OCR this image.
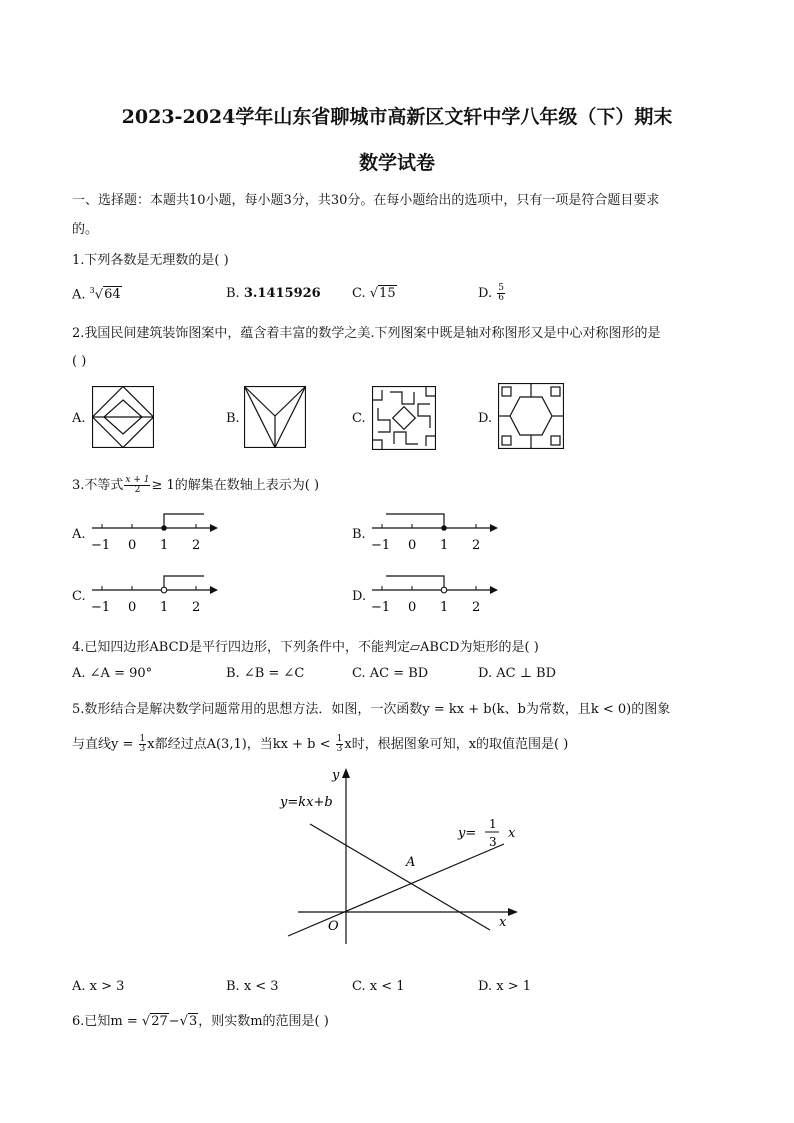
2023-2024学年山东省聊城市高新区文轩中学八年级（下）期末
数学试卷
一、选择题：本题共10小题，每小题3分，共30分。在每小题给出的选项中，只有一项是符合题目要求
的。
1.下列各数是无理数的是( )
A. $^3$√64	B. 3.1415926 C. √15	D. $\frac{5}{6}$
2.我国民间建筑装饰图案中，蕴含着丰富的数学之美.下列图案中既是轴对称图形又是中心对称图形的是
( )
A.	B.	C.	D.
3.不等式 $\frac{x + 1}{2} \ge 1$的解集在数轴上表示为( )
A.
−1 0 1 2
B.
−1 0 1 2
C.
−1 0 1 2
D.
−1 0 1 2
4.已知四边形ABCD是平行四边形，下列条件中，不能判定▱ABCD为矩形的是( )
A. ∠A = 90°	B. ∠B = ∠C	C. AC = BD	D. AC ⊥ BD
5.数形结合是解决数学问题常用的思想方法．如图，一次函数y = kx + b(k、b为常数，且k < 0)的图象
与直线$y = \frac{1}{3}$ x都经过点A(3,1)，当kx + $b < \frac{1}{3}$ x时，根据图象可知，x的取值范围是( )
y
x
O
A
y=kx+b
y=
1
3
x
A. x > 3	B. x < 3	C. x < 1	D. x > 1
6.已知m = √27−√3，则实数m的范围是( )
